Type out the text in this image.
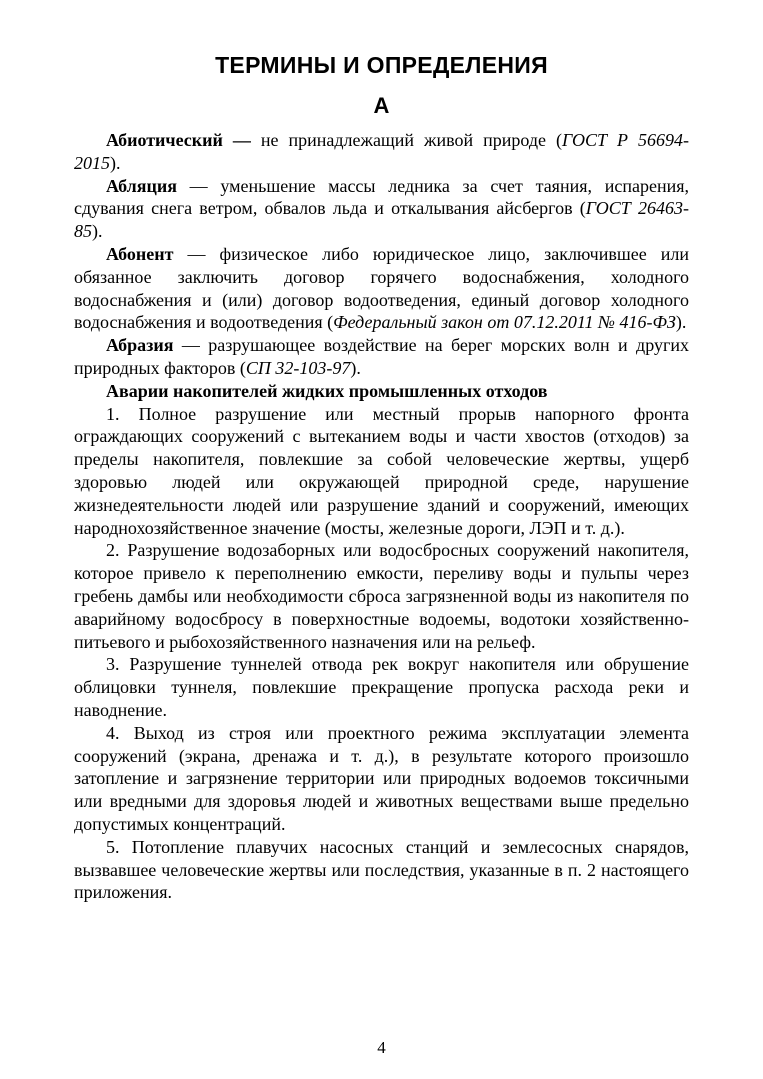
ТЕРМИНЫ И ОПРЕДЕЛЕНИЯ
А

Абиотический — не принадлежащий живой природе (ГОСТ Р 56694-2015).

Абляция — уменьшение массы ледника за счет таяния, испарения, сдувания снега ветром, обвалов льда и откалывания айсбергов (ГОСТ 26463-85).

Абонент — физическое либо юридическое лицо, заключившее или обязанное заключить договор горячего водоснабжения, холодного водоснабжения и (или) договор водоотведения, единый договор холодного водоснабжения и водоотведения (Федеральный закон от 07.12.2011 № 416-ФЗ).

Абразия — разрушающее воздействие на берег морских волн и других природных факторов (СП 32-103-97).

Аварии накопителей жидких промышленных отходов

1. Полное разрушение или местный прорыв напорного фронта ограждающих сооружений с вытеканием воды и части хвостов (отходов) за пределы накопителя, повлекшие за собой человеческие жертвы, ущерб здоровью людей или окружающей природной среде, нарушение жизнедеятельности людей или разрушение зданий и сооружений, имеющих народнохозяйственное значение (мосты, железные дороги, ЛЭП и т. д.).

2. Разрушение водозаборных или водосбросных сооружений накопителя, которое привело к переполнению емкости, переливу воды и пульпы через гребень дамбы или необходимости сброса загрязненной воды из накопителя по аварийному водосбросу в поверхностные водоемы, водотоки хозяйственно-питьевого и рыбохозяйственного назначения или на рельеф.

3. Разрушение туннелей отвода рек вокруг накопителя или обрушение облицовки туннеля, повлекшие прекращение пропуска расхода реки и наводнение.

4. Выход из строя или проектного режима эксплуатации элемента сооружений (экрана, дренажа и т. д.), в результате которого произошло затопление и загрязнение территории или природных водоемов токсичными или вредными для здоровья людей и животных веществами выше предельно допустимых концентраций.

5. Потопление плавучих насосных станций и землесосных снарядов, вызвавшее человеческие жертвы или последствия, указанные в п. 2 настоящего приложения.

4
